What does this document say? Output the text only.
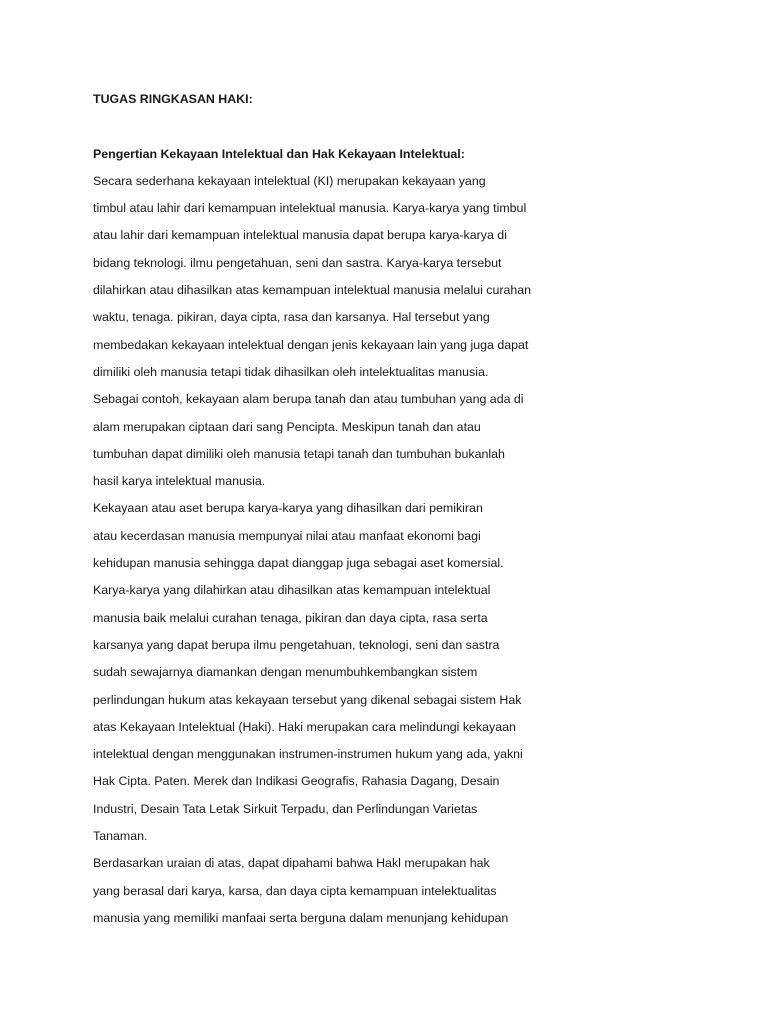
TUGAS RINGKASAN HAKI:
Pengertian Kekayaan Intelektual dan Hak Kekayaan Intelektual:
Secara sederhana kekayaan intelektual (KI) merupakan kekayaan yang
timbul atau lahir dari kemampuan intelektual manusia. Karya-karya yang timbul
atau lahir dari kemampuan intelektual manusia dapat berupa karya-karya di
bidang teknologi. ilmu pengetahuan, seni dan sastra. Karya-karya tersebut
dilahirkan atau dihasilkan atas kemampuan intelektual manusia melalui curahan
waktu, tenaga. pikiran, daya cipta, rasa dan karsanya. Hal tersebut yang
membedakan kekayaan intelektual dengan jenis kekayaan lain yang juga dapat
dimiliki oleh manusia tetapi tidak dihasilkan oleh intelektualitas manusia.
Sebagai contoh, kekayaan alam berupa tanah dan atau tumbuhan yang ada di
alam merupakan ciptaan dari sang Pencipta. Meskipun tanah dan atau
tumbuhan dapat dimiliki oleh manusia tetapi tanah dan tumbuhan bukanlah
hasil karya intelektual manusia.
Kekayaan atau aset berupa karya-karya yang dihasilkan dari pemikiran
atau kecerdasan manusia mempunyai nilai atau manfaat ekonomi bagi
kehidupan manusia sehingga dapat dianggap juga sebagai aset komersial.
Karya-karya yang dilahirkan atau dihasilkan atas kemampuan intelektual
manusia baik melalui curahan tenaga, pikiran dan daya cipta, rasa serta
karsanya yang dapat berupa ilmu pengetahuan, teknologi, seni dan sastra
sudah sewajarnya diamankan dengan menumbuhkembangkan sistem
perlindungan hukum atas kekayaan tersebut yang dikenal sebagai sistem Hak
atas Kekayaan Intelektual (Haki). Haki merupakan cara melindungi kekayaan
intelektual dengan menggunakan instrumen-instrumen hukum yang ada, yakni
Hak Cipta. Paten. Merek dan Indikasi Geografis, Rahasia Dagang, Desain
Industri, Desain Tata Letak Sirkuit Terpadu, dan Perlindungan Varietas
Tanaman.
Berdasarkan uraian di atas, dapat dipahami bahwa Hakl merupakan hak
yang berasal dari karya, karsa, dan daya cipta kemampuan intelektualitas
manusia yang memiliki manfaai serta berguna dalam menunjang kehidupan
